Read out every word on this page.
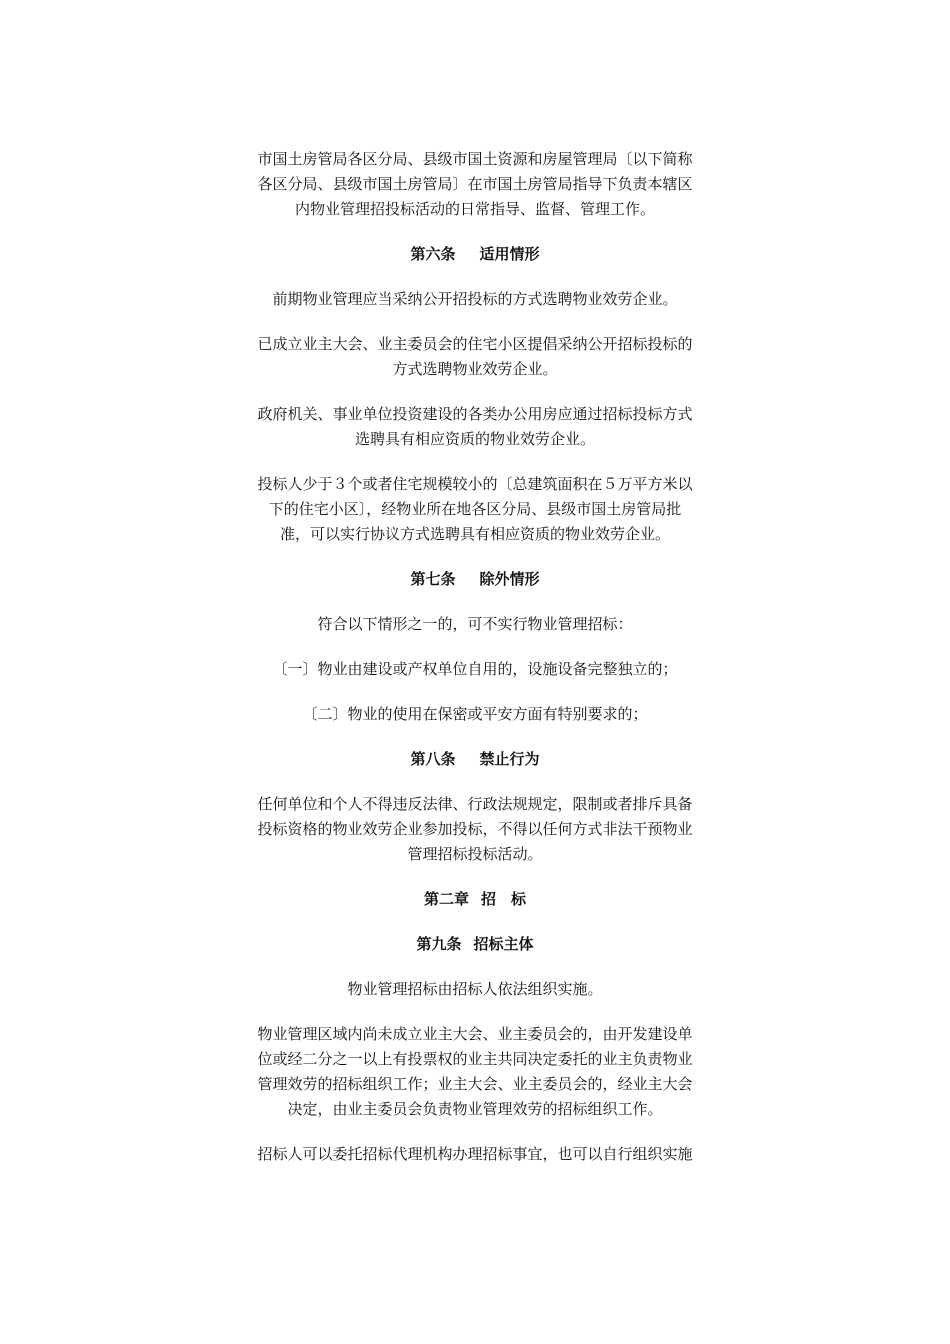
市国土房管局各区分局、县级市国土资源和房屋管理局〔以下简称
各区分局、县级市国土房管局〕在市国土房管局指导下负责本辖区
内物业管理招投标活动的日常指导、监督、管理工作。
第六条 适用情形
前期物业管理应当采纳公开招投标的方式选聘物业效劳企业。
已成立业主大会、业主委员会的住宅小区提倡采纳公开招标投标的
方式选聘物业效劳企业。
政府机关、事业单位投资建设的各类办公用房应通过招标投标方式
选聘具有相应资质的物业效劳企业。
投标人少于３个或者住宅规模较小的〔总建筑面积在５万平方米以
下的住宅小区〕，经物业所在地各区分局、县级市国土房管局批
准，可以实行协议方式选聘具有相应资质的物业效劳企业。
第七条 除外情形
符合以下情形之一的，可不实行物业管理招标：
〔一〕物业由建设或产权单位自用的，设施设备完整独立的；
〔二〕物业的使用在保密或平安方面有特别要求的；
第八条 禁止行为
任何单位和个人不得违反法律、行政法规规定，限制或者排斥具备
投标资格的物业效劳企业参加投标，不得以任何方式非法干预物业
管理招标投标活动。
第二章 招　标
第九条 招标主体
物业管理招标由招标人依法组织实施。
物业管理区域内尚未成立业主大会、业主委员会的，由开发建设单
位或经二分之一以上有投票权的业主共同决定委托的业主负责物业
管理效劳的招标组织工作；业主大会、业主委员会的，经业主大会
决定，由业主委员会负责物业管理效劳的招标组织工作。
招标人可以委托招标代理机构办理招标事宜，也可以自行组织实施
